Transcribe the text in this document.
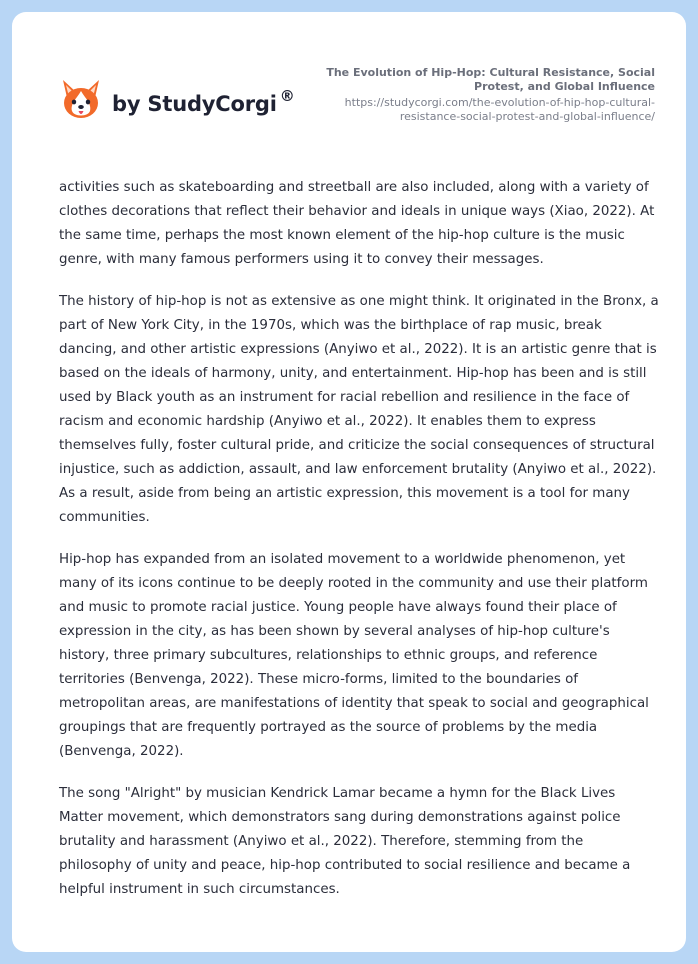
by StudyCorgi ®
The Evolution of Hip-Hop: Cultural Resistance, Social Protest, and Global Influence
https://studycorgi.com/the-evolution-of-hip-hop-cultural-resistance-social-protest-and-global-influence/

activities such as skateboarding and streetball are also included, along with a variety of clothes decorations that reflect their behavior and ideals in unique ways (Xiao, 2022). At the same time, perhaps the most known element of the hip-hop culture is the music genre, with many famous performers using it to convey their messages.

The history of hip-hop is not as extensive as one might think. It originated in the Bronx, a part of New York City, in the 1970s, which was the birthplace of rap music, break dancing, and other artistic expressions (Anyiwo et al., 2022). It is an artistic genre that is based on the ideals of harmony, unity, and entertainment. Hip-hop has been and is still used by Black youth as an instrument for racial rebellion and resilience in the face of racism and economic hardship (Anyiwo et al., 2022). It enables them to express themselves fully, foster cultural pride, and criticize the social consequences of structural injustice, such as addiction, assault, and law enforcement brutality (Anyiwo et al., 2022). As a result, aside from being an artistic expression, this movement is a tool for many communities.

Hip-hop has expanded from an isolated movement to a worldwide phenomenon, yet many of its icons continue to be deeply rooted in the community and use their platform and music to promote racial justice. Young people have always found their place of expression in the city, as has been shown by several analyses of hip-hop culture's history, three primary subcultures, relationships to ethnic groups, and reference territories (Benvenga, 2022). These micro-forms, limited to the boundaries of metropolitan areas, are manifestations of identity that speak to social and geographical groupings that are frequently portrayed as the source of problems by the media (Benvenga, 2022).

The song "Alright" by musician Kendrick Lamar became a hymn for the Black Lives Matter movement, which demonstrators sang during demonstrations against police brutality and harassment (Anyiwo et al., 2022). Therefore, stemming from the philosophy of unity and peace, hip-hop contributed to social resilience and became a helpful instrument in such circumstances.
